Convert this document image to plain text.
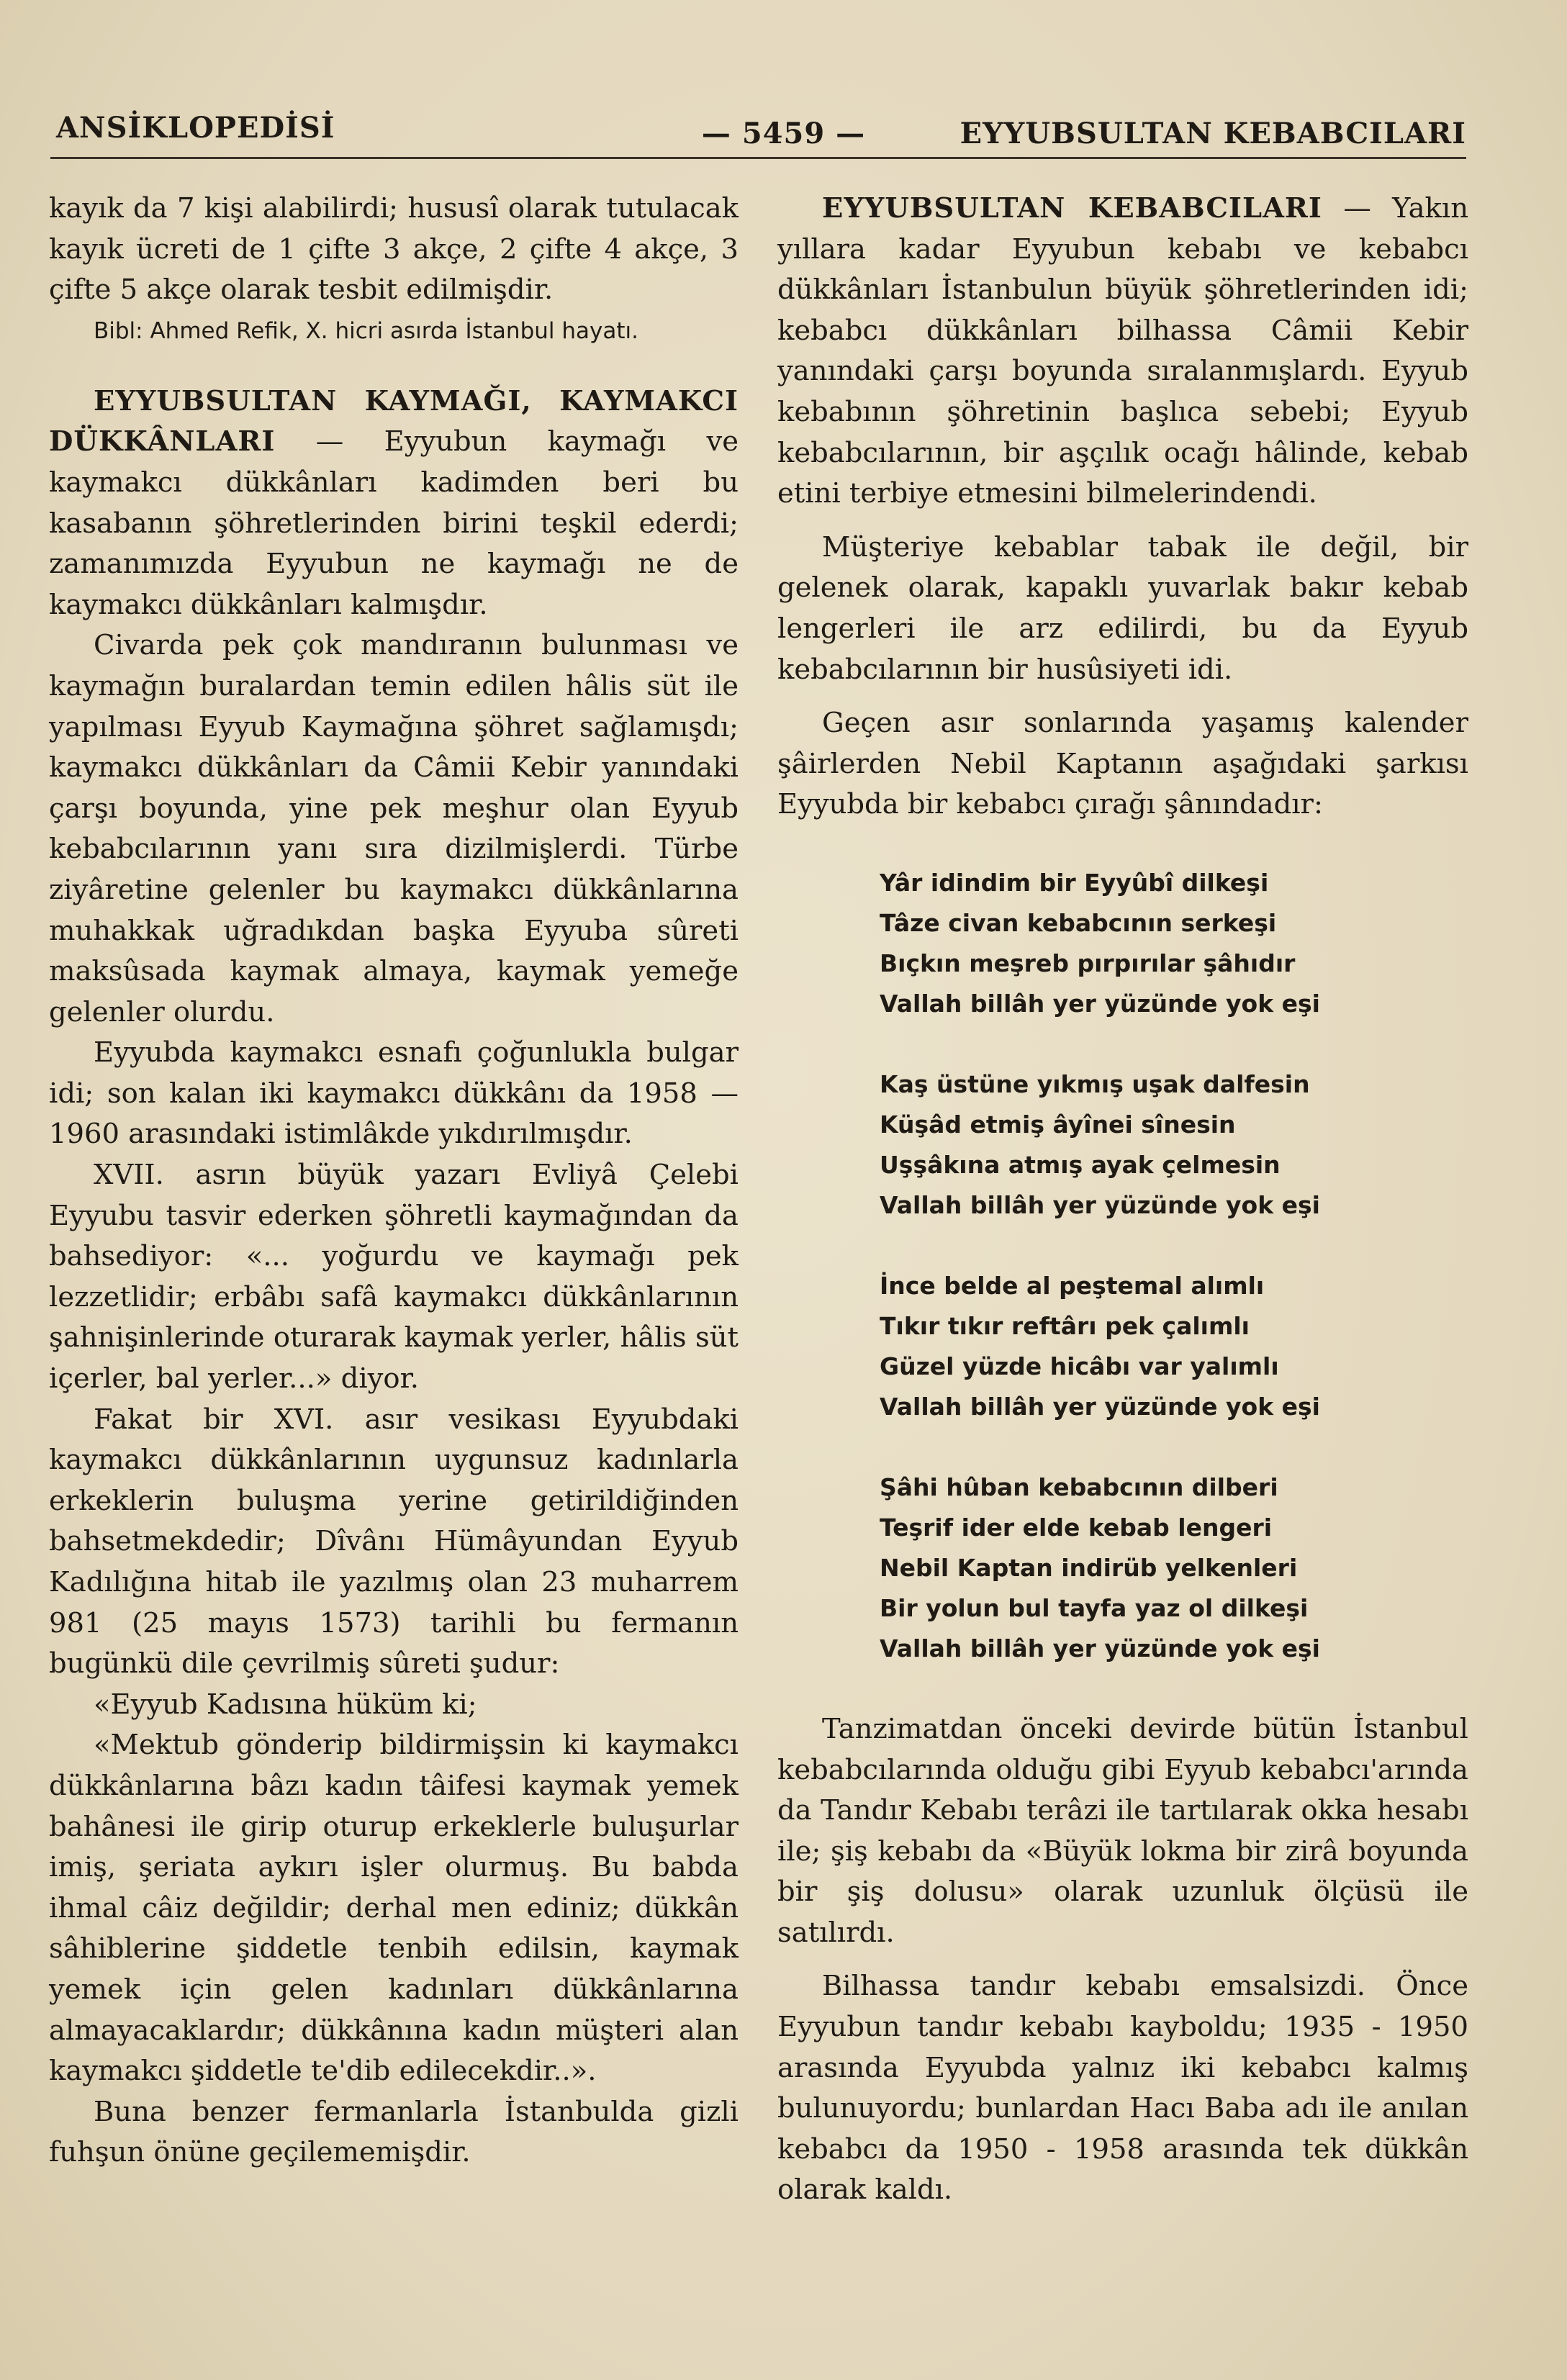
ANSİKLOPEDİSİ	— 5459 —	EYYUBSULTAN KEBABCILARI

kayık da 7 kişi alabilirdi; hususî olarak tutulacak kayık ücreti de 1 çifte 3 akçe, 2 çifte 4 akçe, 3 çifte 5 akçe olarak tesbit edilmişdir.

Bibl: Ahmed Refik, X. hicri asırda İstanbul hayatı.

EYYUBSULTAN KAYMAĞI, KAYMAKCI DÜKKÂNLARI — Eyyubun kaymağı ve kaymakcı dükkânları kadimden beri bu kasabanın şöhretlerinden birini teşkil ederdi; zamanımızda Eyyubun ne kaymağı ne de kaymakcı dükkânları kalmışdır.

Civarda pek çok mandıranın bulunması ve kaymağın buralardan temin edilen hâlis süt ile yapılması Eyyub Kaymağına şöhret sağlamışdı; kaymakcı dükkânları da Câmii Kebir yanındaki çarşı boyunda, yine pek meşhur olan Eyyub kebabcılarının yanı sıra dizilmişlerdi. Türbe ziyâretine gelenler bu kaymakcı dükkânlarına muhakkak uğradıkdan başka Eyyuba sûreti maksûsada kaymak almaya, kaymak yemeğe gelenler olurdu.

Eyyubda kaymakcı esnafı çoğunlukla bulgar idi; son kalan iki kaymakcı dükkânı da 1958 — 1960 arasındaki istimlâkde yıkdırılmışdır.

XVII. asrın büyük yazarı Evliyâ Çelebi Eyyubu tasvir ederken şöhretli kaymağından da bahsediyor: «... yoğurdu ve kaymağı pek lezzetlidir; erbâbı safâ kaymakcı dükkânlarının şahnişinlerinde oturarak kaymak yerler, hâlis süt içerler, bal yerler...» diyor.

Fakat bir XVI. asır vesikası Eyyubdaki kaymakcı dükkânlarının uygunsuz kadınlarla erkeklerin buluşma yerine getirildiğinden bahsetmekdedir; Dîvânı Hümâyundan Eyyub Kadılığına hitab ile yazılmış olan 23 muharrem 981 (25 mayıs 1573) tarihli bu fermanın bugünkü dile çevrilmiş sûreti şudur:

«Eyyub Kadısına hüküm ki;

«Mektub gönderip bildirmişsin ki kaymakcı dükkânlarına bâzı kadın tâifesi kaymak yemek bahânesi ile girip oturup erkeklerle buluşurlar imiş, şeriata aykırı işler olurmuş. Bu babda ihmal câiz değildir; derhal men ediniz; dükkân sâhiblerine şiddetle tenbih edilsin, kaymak yemek için gelen kadınları dükkânlarına almayacaklardır; dükkânına kadın müşteri alan kaymakcı şiddetle te'dib edilecekdir..».

Buna benzer fermanlarla İstanbulda gizli fuhşun önüne geçilememişdir.

EYYUBSULTAN KEBABCILARI — Yakın yıllara kadar Eyyubun kebabı ve kebabcı dükkânları İstanbulun büyük şöhretlerinden idi; kebabcı dükkânları bilhassa Câmii Kebir yanındaki çarşı boyunda sıralanmışlardı. Eyyub kebabının şöhretinin başlıca sebebi; Eyyub kebabcılarının, bir aşçılık ocağı hâlinde, kebab etini terbiye etmesini bilmelerindendi.

Müşteriye kebablar tabak ile değil, bir gelenek olarak, kapaklı yuvarlak bakır kebab lengerleri ile arz edilirdi, bu da Eyyub kebabcılarının bir husûsiyeti idi.

Geçen asır sonlarında yaşamış kalender şâirlerden Nebil Kaptanın aşağıdaki şarkısı Eyyubda bir kebabcı çırağı şânındadır:

Yâr idindim bir Eyyûbî dilkeşi
Tâze civan kebabcının serkeşi
Bıçkın meşreb pırpırılar şâhıdır
Vallah billâh yer yüzünde yok eşi
Kaş üstüne yıkmış uşak dalfesin
Küşâd etmiş âyînei sînesin
Uşşâkına atmış ayak çelmesin
Vallah billâh yer yüzünde yok eşi
İnce belde al peştemal alımlı
Tıkır tıkır reftârı pek çalımlı
Güzel yüzde hicâbı var yalımlı
Vallah billâh yer yüzünde yok eşi
Şâhi hûban kebabcının dilberi
Teşrif ider elde kebab lengeri
Nebil Kaptan indirüb yelkenleri
Bir yolun bul tayfa yaz ol dilkeşi
Vallah billâh yer yüzünde yok eşi

Tanzimatdan önceki devirde bütün İstanbul kebabcılarında olduğu gibi Eyyub kebabcı'arında da Tandır Kebabı terâzi ile tartılarak okka hesabı ile; şiş kebabı da «Büyük lokma bir zirâ boyunda bir şiş dolusu» olarak uzunluk ölçüsü ile satılırdı.

Bilhassa tandır kebabı emsalsizdi. Önce Eyyubun tandır kebabı kayboldu; 1935 - 1950 arasında Eyyubda yalnız iki kebabcı kalmış bulunuyordu; bunlardan Hacı Baba adı ile anılan kebabcı da 1950 - 1958 arasında tek dükkân olarak kaldı.
